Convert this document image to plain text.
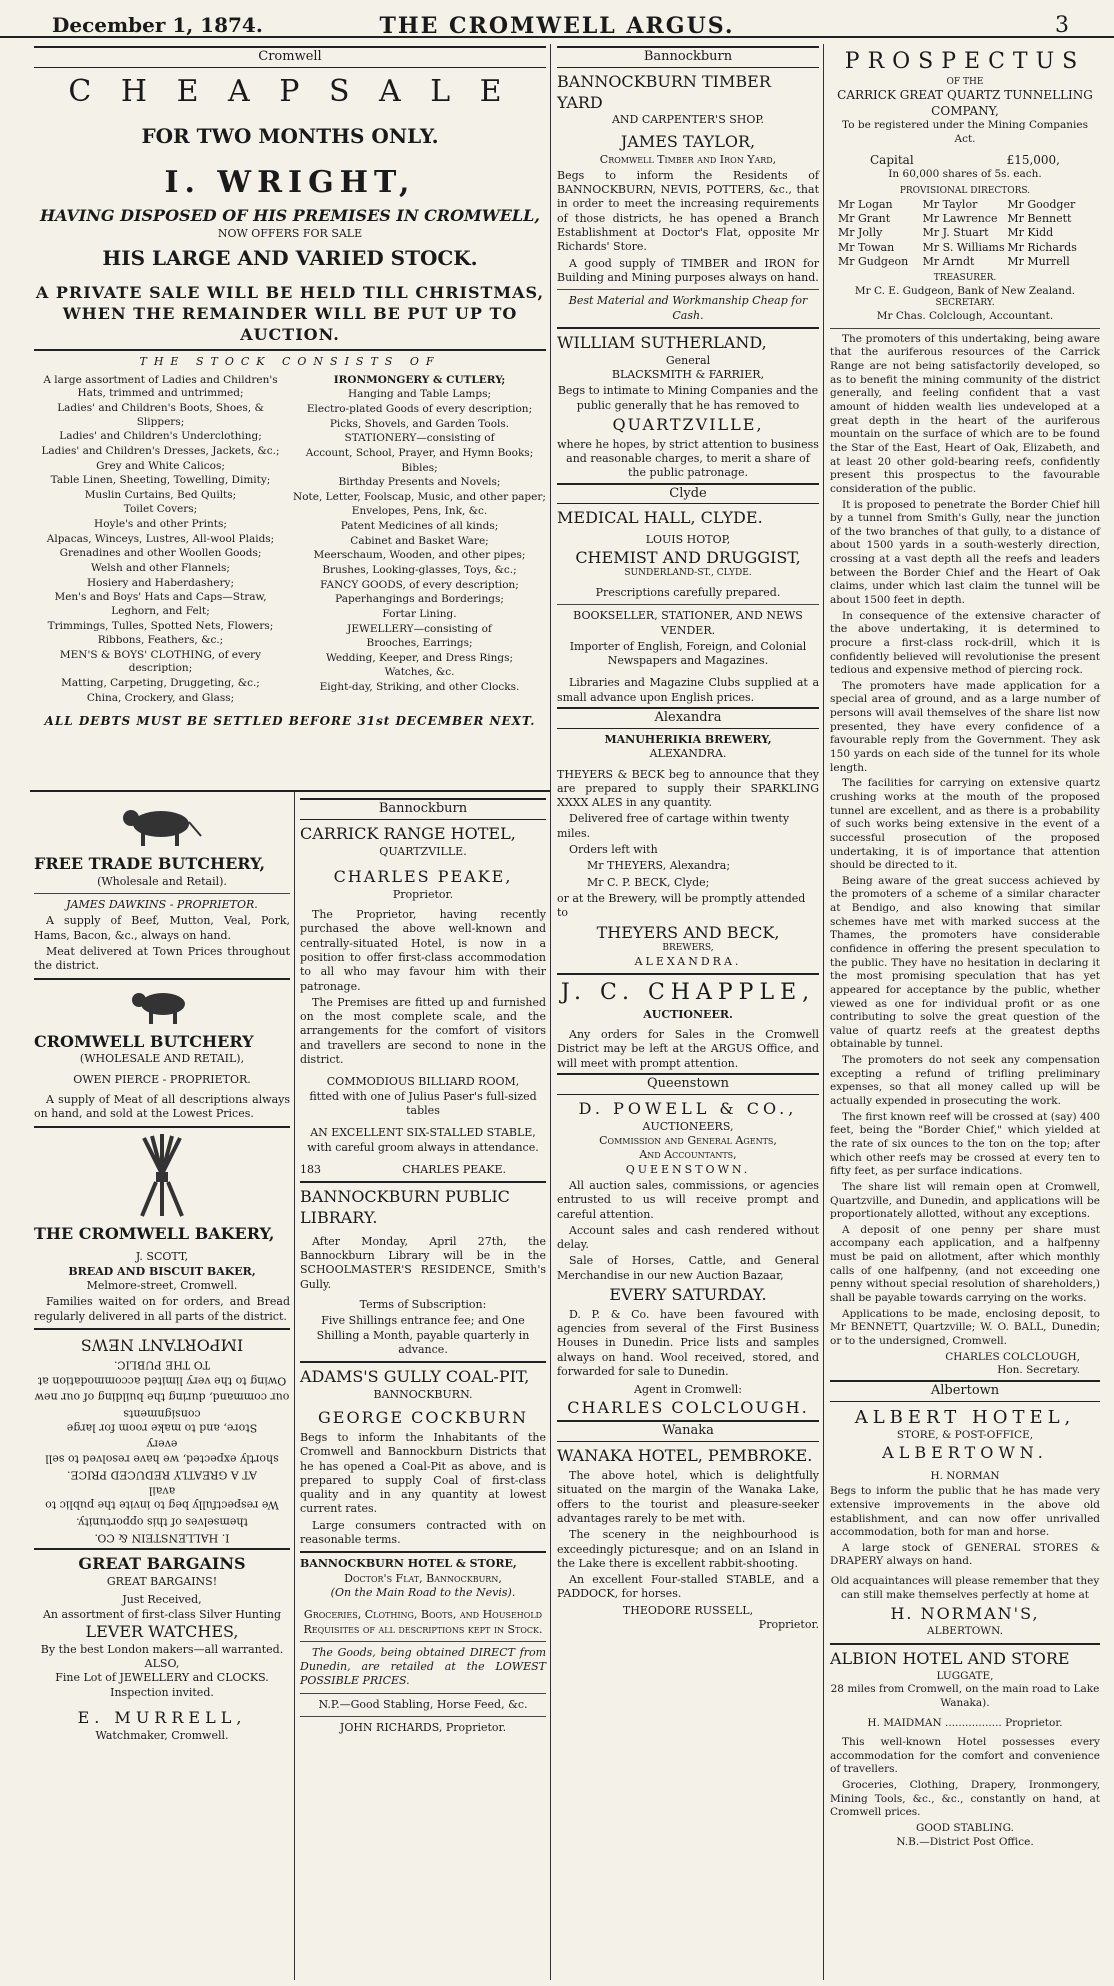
December 1, 1874.	THE CROMWELL ARGUS.	3
Cromwell
C H E A P S A L E
FOR TWO MONTHS ONLY.
I. WRIGHT,
HAVING DISPOSED OF HIS PREMISES IN CROMWELL,
NOW OFFERS FOR SALE
HIS LARGE AND VARIED STOCK.
A PRIVATE SALE WILL BE HELD TILL CHRISTMAS, WHEN THE REMAINDER WILL BE PUT UP TO AUCTION.
THE STOCK CONSISTS OF

A large assortment of Ladies and Children's Hats, trimmed and untrimmed;

Ladies' and Children's Boots, Shoes, & Slippers;

Ladies' and Children's Underclothing;

Ladies' and Children's Dresses, Jackets, &c.;

Grey and White Calicos;

Table Linen, Sheeting, Towelling, Dimity;

Muslin Curtains, Bed Quilts;

Toilet Covers;

Hoyle's and other Prints;

Alpacas, Winceys, Lustres, All-wool Plaids;

Grenadines and other Woollen Goods;

Welsh and other Flannels;

Hosiery and Haberdashery;

Men's and Boys' Hats and Caps—Straw, Leghorn, and Felt;

Trimmings, Tulles, Spotted Nets, Flowers;

Ribbons, Feathers, &c.;

MEN'S & BOYS' CLOTHING, of every description;

Matting, Carpeting, Druggeting, &c.;

China, Crockery, and Glass;

IRONMONGERY & CUTLERY;

Hanging and Table Lamps;

Electro-plated Goods of every description;

Picks, Shovels, and Garden Tools.

STATIONERY—consisting of

Account, School, Prayer, and Hymn Books;

Bibles;

Birthday Presents and Novels;

Note, Letter, Foolscap, Music, and other paper;

Envelopes, Pens, Ink, &c.

Patent Medicines of all kinds;

Cabinet and Basket Ware;

Meerschaum, Wooden, and other pipes;

Brushes, Looking-glasses, Toys, &c.;

FANCY GOODS, of every description;

Paperhangings and Borderings;

Fortar Lining.

JEWELLERY—consisting of

Brooches, Earrings;

Wedding, Keeper, and Dress Rings;

Watches, &c.

Eight-day, Striking, and other Clocks.

ALL DEBTS MUST BE SETTLED BEFORE 31st DECEMBER NEXT.
FREE TRADE BUTCHERY,
(Wholesale and Retail).
JAMES DAWKINS - PROPRIETOR.

A supply of Beef, Mutton, Veal, Pork, Hams, Bacon, &c., always on hand.

Meat delivered at Town Prices throughout the district.

CROMWELL BUTCHERY
(WHOLESALE AND RETAIL),
OWEN PIERCE - PROPRIETOR.

A supply of Meat of all descriptions always on hand, and sold at the Lowest Prices.

THE CROMWELL BAKERY,
J. SCOTT,
BREAD AND BISCUIT BAKER,
Melmore-street, Cromwell.

Families waited on for orders, and Bread regularly delivered in all parts of the district.

I. HALLENSTEIN & CO.

themselves of this opportunity.

We respectfully beg to invite the public to avail

AT A GREATLY REDUCED PRICE.

shortly expected, we have resolved to sell every

Store, and to make room for large consignments

our command, during the building of our new

Owing to the very limited accommodation at

TO THE PUBLIC.

IMPORTANT NEWS

GREAT BARGAINS
GREAT BARGAINS!
Just Received,
An assortment of first-class Silver Hunting
LEVER WATCHES,
By the best London makers—all warranted.
ALSO,
Fine Lot of JEWELLERY and CLOCKS.
Inspection invited.
E. MURRELL,
Watchmaker, Cromwell.
Bannockburn
CARRICK RANGE HOTEL,
QUARTZVILLE.
CHARLES PEAKE,
Proprietor.

The Proprietor, having recently purchased the above well-known and centrally-situated Hotel, is now in a position to offer first-class accommodation to all who may favour him with their patronage.

The Premises are fitted up and furnished on the most complete scale, and the arrangements for the comfort of visitors and travellers are second to none in the district.

COMMODIOUS BILLIARD ROOM,
fitted with one of Julius Paser's full-sized tables
AN EXCELLENT SIX-STALLED STABLE,
with careful groom always in attendance.
183	CHARLES PEAKE.
BANNOCKBURN PUBLIC LIBRARY.

After Monday, April 27th, the Bannockburn Library will be in the SCHOOLMASTER'S RESIDENCE, Smith's Gully.

Terms of Subscription:

Five Shillings entrance fee; and One Shilling a Month, payable quarterly in advance.

ADAMS'S GULLY COAL-PIT,
BANNOCKBURN.
GEORGE COCKBURN

Begs to inform the Inhabitants of the Cromwell and Bannockburn Districts that he has opened a Coal-Pit as above, and is prepared to supply Coal of first-class quality and in any quantity at lowest current rates.

Large consumers contracted with on reasonable terms.

BANNOCKBURN HOTEL & STORE,
Doctor's Flat, Bannockburn,
(On the Main Road to the Nevis).

Groceries, Clothing, Boots, and Household Requisites of all descriptions kept in Stock.

The Goods, being obtained DIRECT from Dunedin, are retailed at the LOWEST POSSIBLE PRICES.

N.P.—Good Stabling, Horse Feed, &c.
JOHN RICHARDS, Proprietor.
Bannockburn
BANNOCKBURN TIMBER YARD
AND CARPENTER'S SHOP.
JAMES TAYLOR,
Cromwell Timber and Iron Yard,

Begs to inform the Residents of BANNOCKBURN, NEVIS, POTTERS, &c., that in order to meet the increasing requirements of those districts, he has opened a Branch Establishment at Doctor's Flat, opposite Mr Richards' Store.

A good supply of TIMBER and IRON for Building and Mining purposes always on hand.

Best Material and Workmanship Cheap for Cash.
WILLIAM SUTHERLAND,
General
BLACKSMITH & FARRIER,

Begs to intimate to Mining Companies and the public generally that he has removed to

QUARTZVILLE,

where he hopes, by strict attention to business and reasonable charges, to merit a share of the public patronage.

Clyde
MEDICAL HALL, CLYDE.
LOUIS HOTOP,
CHEMIST AND DRUGGIST,
SUNDERLAND-ST., CLYDE.
Prescriptions carefully prepared.
BOOKSELLER, STATIONER, AND NEWS VENDER.

Importer of English, Foreign, and Colonial Newspapers and Magazines.

Libraries and Magazine Clubs supplied at a small advance upon English prices.

Alexandra
MANUHERIKIA BREWERY,
ALEXANDRA.

THEYERS & BECK beg to announce that they are prepared to supply their SPARKLING XXXX ALES in any quantity.

Delivered free of cartage within twenty miles.

Orders left with

Mr THEYERS, Alexandra;

Mr C. P. BECK, Clyde;

or at the Brewery, will be promptly attended to

THEYERS AND BECK,
BREWERS,
ALEXANDRA.
J. C. CHAPPLE,
AUCTIONEER.

Any orders for Sales in the Cromwell District may be left at the ARGUS Office, and will meet with prompt attention.

Queenstown
D. POWELL & CO.,
AUCTIONEERS,
Commission and General Agents,
And Accountants,
QUEENSTOWN.

All auction sales, commissions, or agencies entrusted to us will receive prompt and careful attention.

Account sales and cash rendered without delay.

Sale of Horses, Cattle, and General Merchandise in our new Auction Bazaar,

EVERY SATURDAY.

D. P. & Co. have been favoured with agencies from several of the First Business Houses in Dunedin. Price lists and samples always on hand. Wool received, stored, and forwarded for sale to Dunedin.

Agent in Cromwell:
CHARLES COLCLOUGH.
Wanaka
WANAKA HOTEL, PEMBROKE.

The above hotel, which is delightfully situated on the margin of the Wanaka Lake, offers to the tourist and pleasure-seeker advantages rarely to be met with.

The scenery in the neighbourhood is exceedingly picturesque; and on an Island in the Lake there is excellent rabbit-shooting.

An excellent Four-stalled STABLE, and a PADDOCK, for horses.

THEODORE RUSSELL,
Proprietor.
PROSPECTUS
OF THE
CARRICK GREAT QUARTZ TUNNELLING COMPANY,
To be registered under the Mining Companies Act.
Capital	£15,000,
In 60,000 shares of 5s. each.
PROVISIONAL DIRECTORS.
Mr Logan	Mr Taylor	Mr Goodger
Mr Grant	Mr Lawrence Mr Bennett
Mr Jolly	Mr J. Stuart	Mr Kidd
Mr Towan	Mr S. Williams Mr Richards
Mr Gudgeon	Mr Arndt	Mr Murrell
TREASURER.
Mr C. E. Gudgeon, Bank of New Zealand.
SECRETARY.
Mr Chas. Colclough, Accountant.

The promoters of this undertaking, being aware that the auriferous resources of the Carrick Range are not being satisfactorily developed, so as to benefit the mining community of the district generally, and feeling confident that a vast amount of hidden wealth lies undeveloped at a great depth in the heart of the auriferous mountain on the surface of which are to be found the Star of the East, Heart of Oak, Elizabeth, and at least 20 other gold-bearing reefs, confidently present this prospectus to the favourable consideration of the public.

It is proposed to penetrate the Border Chief hill by a tunnel from Smith's Gully, near the junction of the two branches of that gully, to a distance of about 1500 yards in a south-westerly direction, crossing at a vast depth all the reefs and leaders between the Border Chief and the Heart of Oak claims, under which last claim the tunnel will be about 1500 feet in depth.

In consequence of the extensive character of the above undertaking, it is determined to procure a first-class rock-drill, which it is confidently believed will revolutionise the present tedious and expensive method of piercing rock.

The promoters have made application for a special area of ground, and as a large number of persons will avail themselves of the share list now presented, they have every confidence of a favourable reply from the Government. They ask 150 yards on each side of the tunnel for its whole length.

The facilities for carrying on extensive quartz crushing works at the mouth of the proposed tunnel are excellent, and as there is a probability of such works being extensive in the event of a successful prosecution of the proposed undertaking, it is of importance that attention should be directed to it.

Being aware of the great success achieved by the promoters of a scheme of a similar character at Bendigo, and also knowing that similar schemes have met with marked success at the Thames, the promoters have considerable confidence in offering the present speculation to the public. They have no hesitation in declaring it the most promising speculation that has yet appeared for acceptance by the public, whether viewed as one for individual profit or as one contributing to solve the great question of the value of quartz reefs at the greatest depths obtainable by tunnel.

The promoters do not seek any compensation excepting a refund of trifling preliminary expenses, so that all money called up will be actually expended in prosecuting the work.

The first known reef will be crossed at (say) 400 feet, being the "Border Chief," which yielded at the rate of six ounces to the ton on the top; after which other reefs may be crossed at every ten to fifty feet, as per surface indications.

The share list will remain open at Cromwell, Quartzville, and Dunedin, and applications will be proportionately allotted, without any exceptions.

A deposit of one penny per share must accompany each application, and a halfpenny must be paid on allotment, after which monthly calls of one halfpenny, (and not exceeding one penny without special resolution of shareholders,) shall be payable towards carrying on the works.

Applications to be made, enclosing deposit, to Mr BENNETT, Quartzville; W. O. BALL, Dunedin; or to the undersigned, Cromwell.

CHARLES COLCLOUGH,
Hon. Secretary.
Albertown
ALBERT HOTEL,
STORE, & POST-OFFICE,
ALBERTOWN.
H. NORMAN

Begs to inform the public that he has made very extensive improvements in the above old establishment, and can now offer unrivalled accommodation, both for man and horse.

A large stock of GENERAL STORES & DRAPERY always on hand.

Old acquaintances will please remember that they can still make themselves perfectly at home at

H. NORMAN'S,
ALBERTOWN.
ALBION HOTEL AND STORE
LUGGATE,
28 miles from Cromwell, on the main road to Lake Wanaka).
H. MAIDMAN ................. Proprietor.

This well-known Hotel possesses every accommodation for the comfort and convenience of travellers.

Groceries, Clothing, Drapery, Ironmongery, Mining Tools, &c., &c., constantly on hand, at Cromwell prices.

GOOD STABLING.
N.B.—District Post Office.
